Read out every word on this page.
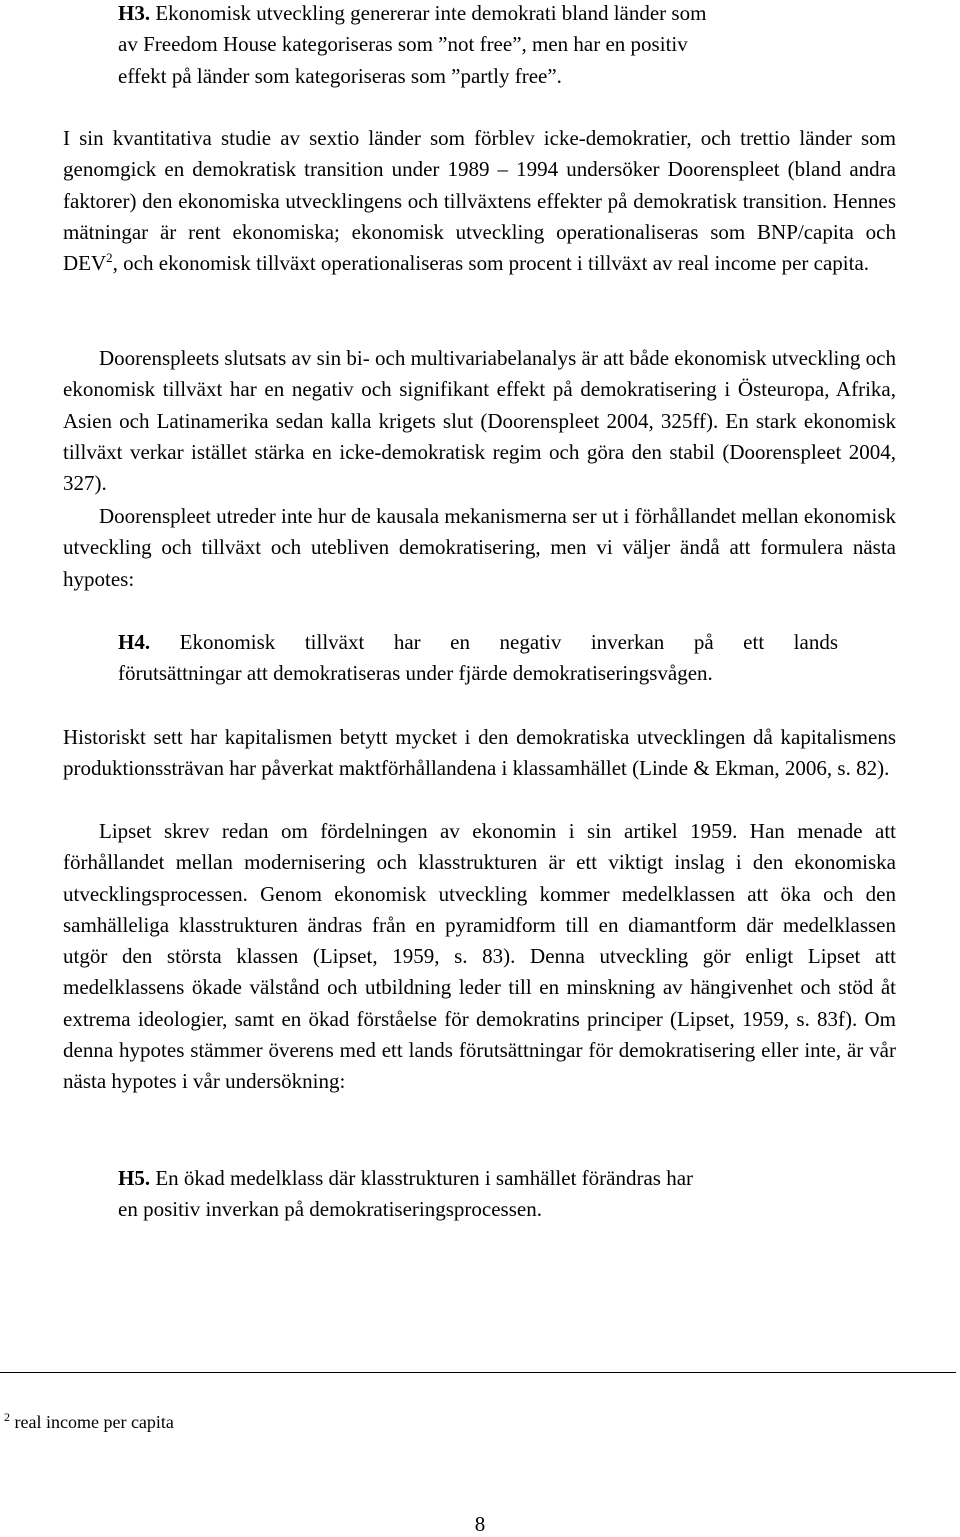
H3. Ekonomisk utveckling genererar inte demokrati bland länder som
av Freedom House kategoriseras som ”not free”, men har en positiv
effekt på länder som kategoriseras som ”partly free”.

I sin kvantitativa studie av sextio länder som förblev icke-demokratier, och trettio länder som genomgick en demokratisk transition under 1989 – 1994 undersöker Doorenspleet (bland andra faktorer) den ekonomiska utvecklingens och tillväxtens effekter på demokratisk transition. Hennes mätningar är rent ekonomiska; ekonomisk utveckling operationaliseras som BNP/capita och DEV$^2$, och ekonomisk tillväxt operationaliseras som procent i tillväxt av real income per capita.

Doorenspleets slutsats av sin bi- och multivariabelanalys är att både ekonomisk utveckling och ekonomisk tillväxt har en negativ och signifikant effekt på demokratisering i Östeuropa, Afrika, Asien och Latinamerika sedan kalla krigets slut (Doorenspleet 2004, 325ff). En stark ekonomisk tillväxt verkar istället stärka en icke-demokratisk regim och göra den stabil (Doorenspleet 2004, 327).

Doorenspleet utreder inte hur de kausala mekanismerna ser ut i förhållandet mellan ekonomisk utveckling och tillväxt och utebliven demokratisering, men vi väljer ändå att formulera nästa hypotes:

H4. Ekonomisk tillväxt har en negativ inverkan på ett lands
förutsättningar att demokratiseras under fjärde demokratiseringsvågen.

Historiskt sett har kapitalismen betytt mycket i den demokratiska utvecklingen då kapitalismens produktionssträvan har påverkat maktförhållandena i klassamhället (Linde & Ekman, 2006, s. 82).

Lipset skrev redan om fördelningen av ekonomin i sin artikel 1959. Han menade att förhållandet mellan modernisering och klasstrukturen är ett viktigt inslag i den ekonomiska utvecklingsprocessen. Genom ekonomisk utveckling kommer medelklassen att öka och den samhälleliga klasstrukturen ändras från en pyramidform till en diamantform där medelklassen utgör den största klassen (Lipset, 1959, s. 83). Denna utveckling gör enligt Lipset att medelklassens ökade välstånd och utbildning leder till en minskning av hängivenhet och stöd åt extrema ideologier, samt en ökad förståelse för demokratins principer (Lipset, 1959, s. 83f). Om denna hypotes stämmer överens med ett lands förutsättningar för demokratisering eller inte, är vår nästa hypotes i vår undersökning:

H5. En ökad medelklass där klasstrukturen i samhället förändras har
en positiv inverkan på demokratiseringsprocessen.

$^2$ real income per capita

8
